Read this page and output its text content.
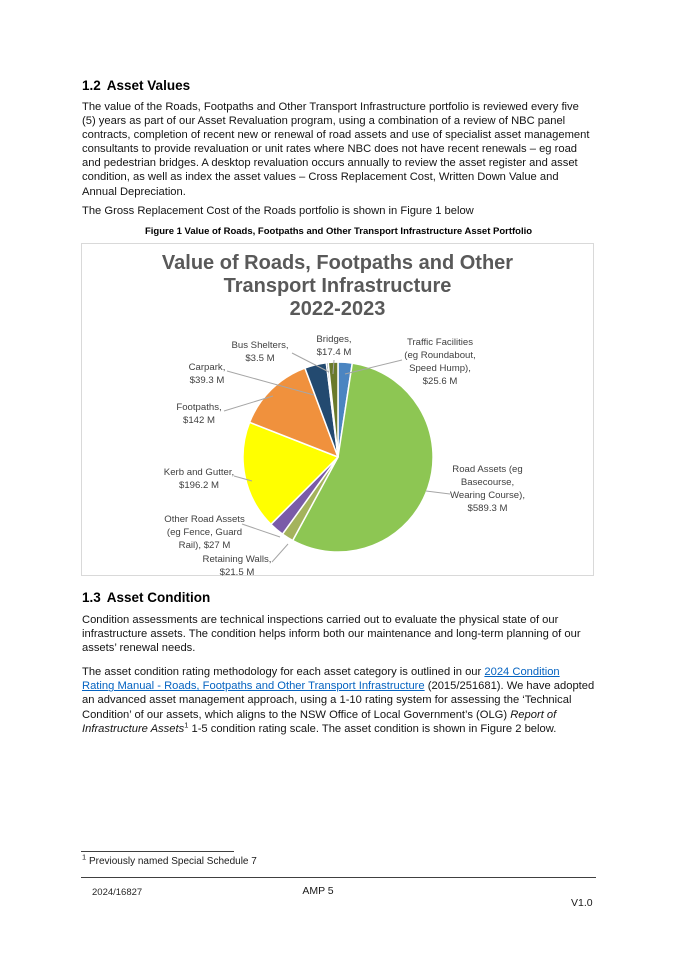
1.2 Asset Values

The value of the Roads, Footpaths and Other Transport Infrastructure portfolio is reviewed every five (5) years as part of our Asset Revaluation program, using a combination of a review of NBC panel contracts, completion of recent new or renewal of road assets and use of specialist asset management consultants to provide revaluation or unit rates where NBC does not have recent renewals – eg road and pedestrian bridges. A desktop revaluation occurs annually to review the asset register and asset condition, as well as index the asset values – Cross Replacement Cost, Written Down Value and Annual Depreciation.

The Gross Replacement Cost of the Roads portfolio is shown in Figure 1 below

Figure 1 Value of Roads, Footpaths and Other Transport Infrastructure Asset Portfolio
Value of Roads, Footpaths and Other
Transport Infrastructure
2022-2023
Bus Shelters,
$3.5 M
Bridges,
$17.4 M
Traffic Facilities
(eg Roundabout,
Speed Hump),
$25.6 M
Carpark,
$39.3 M
Footpaths,
$142 M
Kerb and Gutter,
$196.2 M
Other Road Assets
(eg Fence, Guard
Rail), $27 M
Retaining Walls,
$21.5 M
Road Assets (eg
Basecourse,
Wearing Course),
$589.3 M
1.3 Asset Condition

Condition assessments are technical inspections carried out to evaluate the physical state of our infrastructure assets. The condition helps inform both our maintenance and long-term planning of our assets’ renewal needs.

The asset condition rating methodology for each asset category is outlined in our 2024 Condition Rating Manual - Roads, Footpaths and Other Transport Infrastructure (2015/251681). We have adopted an advanced asset management approach, using a 1-10 rating system for assessing the ‘Technical Condition’ of our assets, which aligns to the NSW Office of Local Government’s (OLG) Report of Infrastructure Assets$^1$ 1-5 condition rating scale. The asset condition is shown in Figure 2 below.

$^1$ Previously named Special Schedule 7
2024/16827	AMP 5
V1.0
